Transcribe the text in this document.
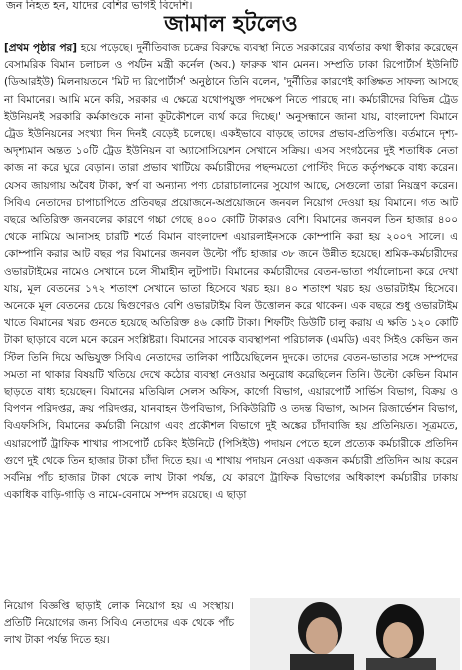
জন নিহত হন, যাদের বেশির ভাগই বিদেশি।
জামাল হটলেও

[প্রথম পৃষ্ঠার পর] হয়ে পড়েছে। দুর্নীতিবাজ চক্রের বিরুদ্ধে ব্যবস্থা নিতে সরকারের ব্যর্থতার কথা স্বীকার করেছেন বেসামরিক বিমান চলাচল ও পর্যটন মন্ত্রী কর্নেল (অব.) ফারুক খান মেনন। সম্প্রতি ঢাকা রিপোর্টার্স ইউনিটি (ডিআরইউ) মিলনায়তনে 'মিট দ্য রিপোর্টার্স' অনুষ্ঠানে তিনি বলেন, 'দুর্নীতির কারণেই কাঙ্ক্ষিত সাফল্য আসছে না বিমানের। আমি মনে করি, সরকার এ ক্ষেত্রে যথোপযুক্ত পদক্ষেপ নিতে পারছে না। কর্মচারীদের বিভিন্ন ট্রেড ইউনিয়নই সরকারি কর্মকাণ্ডকে নানা কূটকৌশলে ব্যর্থ করে দিচ্ছে।' অনুসন্ধানে জানা যায়, বাংলাদেশ বিমানে ট্রেড ইউনিয়নের সংখ্যা দিন দিনই বেড়েই চলেছে। একইভাবে বাড়ছে তাদের প্রভাব-প্রতিপত্তি। বর্তমানে দৃশ্য-অদৃশ্যমান অন্তত ১০টি ট্রেড ইউনিয়ন বা অ্যাসোসিয়েশন সেখানে সক্রিয়। এসব সংগঠনের দুই শতাধিক নেতা কাজ না করে ঘুরে বেড়ান। তারা প্রভাব খাটিয়ে কর্মচারীদের পছন্দমতো পোস্টিং দিতে কর্তৃপক্ষকে বাধ্য করেন। যেসব জায়গায় অবৈধ টাকা, স্বর্ণ বা অন্যান্য পণ্য চোরাচালানের সুযোগ আছে, সেগুলো তারা নিয়ন্ত্রণ করেন। সিবিএ নেতাদের চাপাচাপিতে প্রতিবছর প্রয়োজনে-অপ্রয়োজনে জনবল নিয়োগ দেওয়া হয় বিমানে। গত আট বছরে অতিরিক্ত জনবলের কারণে গচ্চা গেছে ৪০০ কোটি টাকারও বেশি। বিমানের জনবল তিন হাজার ৪০০ থেকে নামিয়ে আনাসহ চারটি শর্তে বিমান বাংলাদেশ এয়ারলাইনসকে কোম্পানি করা হয় ২০০৭ সালে। এ কোম্পানি করার আট বছর পর বিমানের জনবল উল্টো পাঁচ হাজার ৩৮ জনে উন্নীত হয়েছে। শ্রমিক-কর্মচারীদের ওভারটাইমের নামেও সেখানে চলে সীমাহীন লুটপাট। বিমানের কর্মচারীদের বেতন-ভাতা পর্যালোচনা করে দেখা যায়, মূল বেতনের ১৭২ শতাংশ সেখানে ভাতা হিসেবে খরচ হয়। ৪০ শতাংশ খরচ হয় ওভারটাইম হিসেবে। অনেকে মূল বেতনের চেয়ে দ্বিগুণেরও বেশি ওভারটাইম বিল উত্তোলন করে থাকেন। এক বছরে শুধু ওভারটাইম খাতে বিমানের খরচ গুনতে হয়েছে অতিরিক্ত ৪৬ কোটি টাকা। শিফটিং ডিউটি চালু করায় এ ক্ষতি ১২০ কোটি টাকা ছাড়াবে বলে মনে করেন সংশ্লিষ্টরা। বিমানের সাবেক ব্যবস্থাপনা পরিচালক (এমডি) এবং সিইও কেভিন জন স্টিল তিনি দিয়ে অভিযুক্ত সিবিএ নেতাদের তালিকা পাঠিয়েছিলেন দুদকে। তাদের বেতন-ভাতার সঙ্গে সম্পদের সমতা না থাকার বিষয়টি খতিয়ে দেখে কঠোর ব্যবস্থা নেওয়ার অনুরোধ করেছিলেন তিনি। উল্টো কেভিন বিমান ছাড়তে বাধ্য হয়েছেন। বিমানের মতিঝিল সেলস অফিস, কার্গো বিভাগ, এয়ারপোর্ট সার্ভিস বিভাগ, বিক্রয় ও বিপণন পরিদপ্তর, ক্রয় পরিদপ্তর, যানবাহন উপবিভাগ, সিকিউরিটি ও তদন্ত বিভাগ, আসন রিজার্ভেশন বিভাগ, বিএফসিসি, বিমানের কর্মচারী নিয়োগ এবং প্রকৌশল বিভাগে দুই অঙ্কের চাঁদাবাজি হয় প্রতিনিয়ত। সূত্রমতে, এয়ারপোর্ট ট্রাফিক শাখার পাসপোর্ট চেকিং ইউনিটে (পিসিইউ) পদায়ন পেতে হলে প্রত্যেক কর্মচারীকে প্রতিদিন গুণে দুই থেকে তিন হাজার টাকা চাঁদা দিতে হয়। এ শাখায় পদায়ন নেওয়া একজন কর্মচারী প্রতিদিন আয় করেন সর্বনিম্ন পাঁচ হাজার টাকা থেকে লাখ টাকা পর্যন্ত, যে কারণে ট্রাফিক বিভাগের অধিকাংশ কর্মচারীর ঢাকায় একাধিক বাড়ি-গাড়ি ও নামে-বেনামে সম্পদ রয়েছে। এ ছাড়া

নিয়োগ বিজ্ঞপ্তি ছাড়াই লোক নিয়োগ হয় এ সংস্থায়। প্রতিটি নিয়োগের জন্য সিবিএ নেতাদের এক থেকে পাঁচ লাখ টাকা পর্যন্ত দিতে হয়।
